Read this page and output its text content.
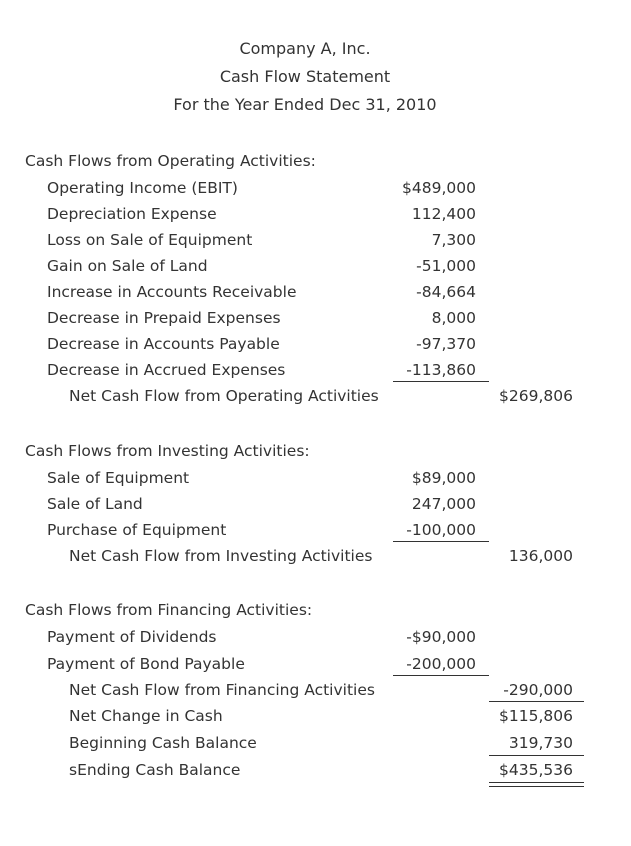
Company A, Inc.
Cash Flow Statement
For the Year Ended Dec 31, 2010
Cash Flows from Operating Activities:
Operating Income (EBIT)	$489,000
Depreciation Expense	112,400
Loss on Sale of Equipment	7,300
Gain on Sale of Land	-51,000
Increase in Accounts Receivable	-84,664
Decrease in Prepaid Expenses	8,000
Decrease in Accounts Payable	-97,370
Decrease in Accrued Expenses	-113,860
Net Cash Flow from Operating Activities	$269,806
Cash Flows from Investing Activities:
Sale of Equipment	$89,000
Sale of Land	247,000
Purchase of Equipment	-100,000
Net Cash Flow from Investing Activities	136,000
Cash Flows from Financing Activities:
Payment of Dividends	-$90,000
Payment of Bond Payable	-200,000
Net Cash Flow from Financing Activities	-290,000
Net Change in Cash	$115,806
Beginning Cash Balance	319,730
sEnding Cash Balance	$435,536
